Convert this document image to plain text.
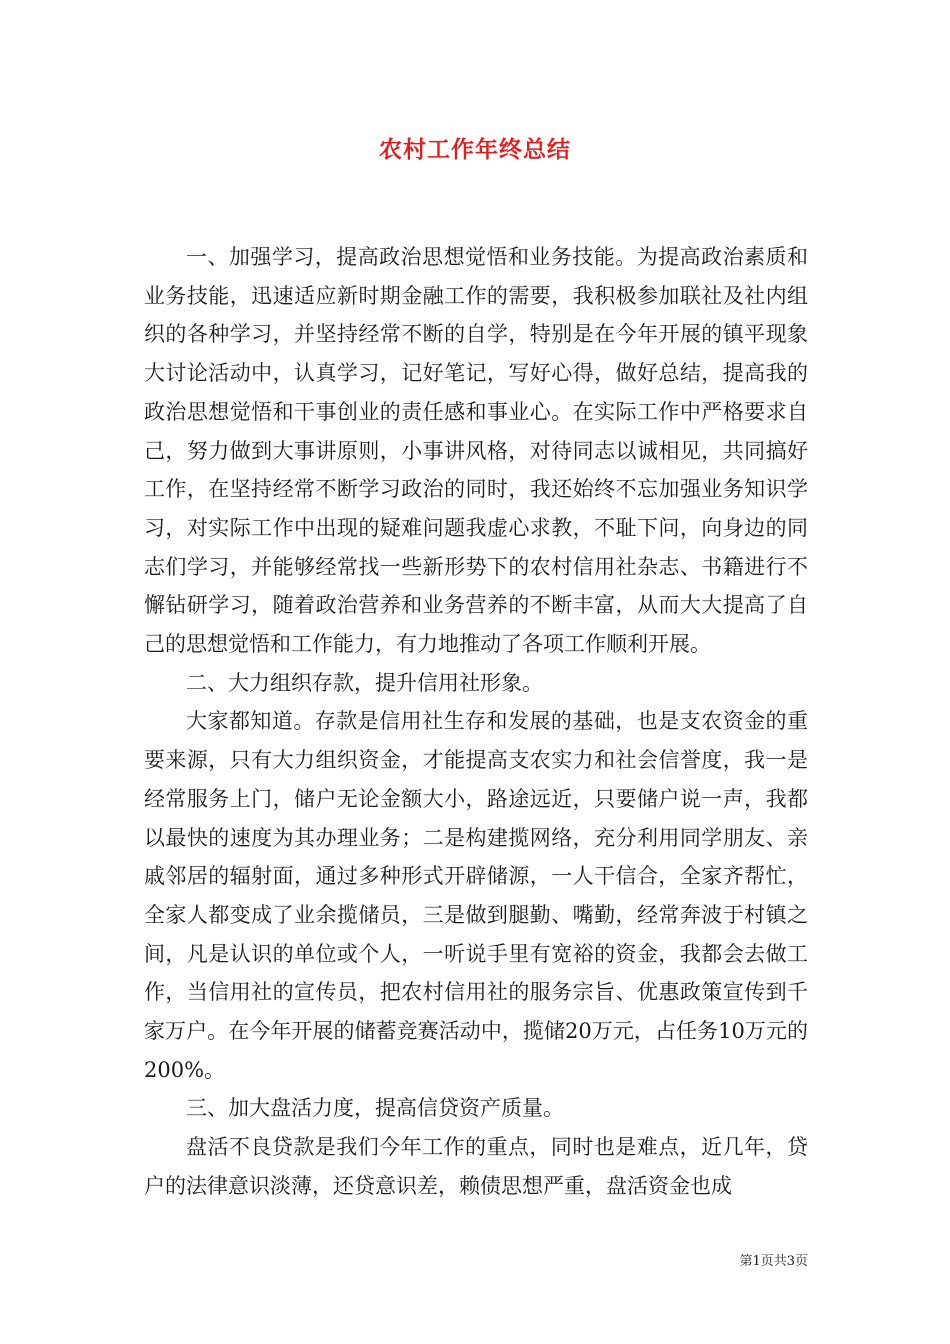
农村工作年终总结

一、加强学习，提高政治思想觉悟和业务技能。为提高政治素质和业务技能，迅速适应新时期金融工作的需要，我积极参加联社及社内组织的各种学习，并坚持经常不断的自学，特别是在今年开展的镇平现象大讨论活动中，认真学习，记好笔记，写好心得，做好总结，提高我的政治思想觉悟和干事创业的责任感和事业心。在实际工作中严格要求自己，努力做到大事讲原则，小事讲风格，对待同志以诚相见，共同搞好工作，在坚持经常不断学习政治的同时，我还始终不忘加强业务知识学习，对实际工作中出现的疑难问题我虚心求教，不耻下问，向身边的同志们学习，并能够经常找一些新形势下的农村信用社杂志、书籍进行不懈钻研学习，随着政治营养和业务营养的不断丰富，从而大大提高了自己的思想觉悟和工作能力，有力地推动了各项工作顺利开展。

二、大力组织存款，提升信用社形象。

大家都知道。存款是信用社生存和发展的基础，也是支农资金的重要来源，只有大力组织资金，才能提高支农实力和社会信誉度，我一是经常服务上门，储户无论金额大小，路途远近，只要储户说一声，我都以最快的速度为其办理业务；二是构建揽网络，充分利用同学朋友、亲戚邻居的辐射面，通过多种形式开辟储源，一人干信合，全家齐帮忙，全家人都变成了业余揽储员，三是做到腿勤、嘴勤，经常奔波于村镇之间，凡是认识的单位或个人，一听说手里有宽裕的资金，我都会去做工作，当信用社的宣传员，把农村信用社的服务宗旨、优惠政策宣传到千家万户。在今年开展的储蓄竞赛活动中，揽储20万元，占任务10万元的200%。

三、加大盘活力度，提高信贷资产质量。

盘活不良贷款是我们今年工作的重点，同时也是难点，近几年，贷户的法律意识淡薄，还贷意识差，赖债思想严重，盘活资金也成

第1页共3页
